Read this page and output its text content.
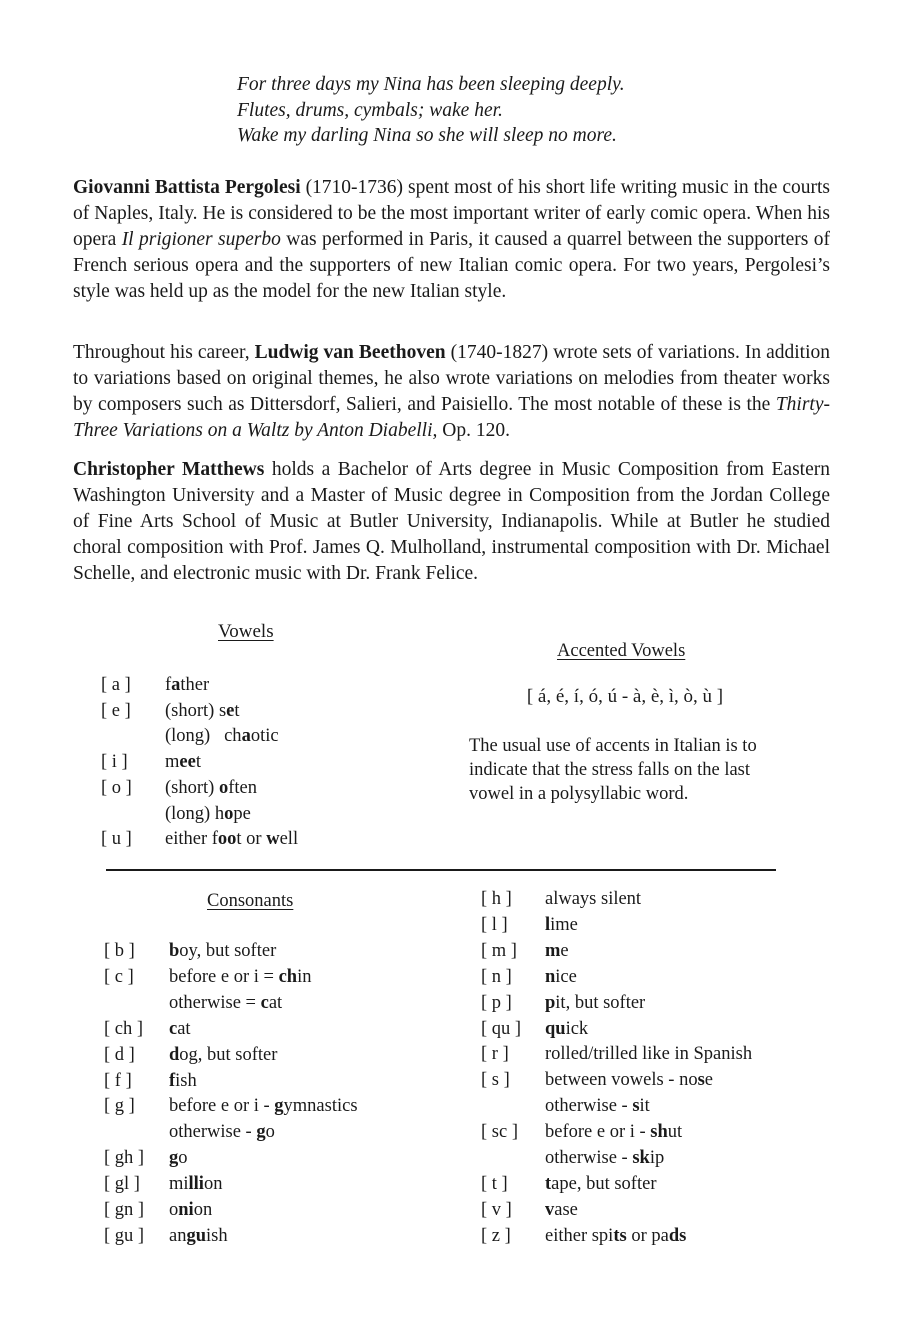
For three days my Nina has been sleeping deeply.
Flutes, drums, cymbals; wake her.
Wake my darling Nina so she will sleep no more.

Giovanni Battista Pergolesi (1710-1736) spent most of his short life writing music in the courts of Naples, Italy. He is considered to be the most important writer of early comic opera. When his opera Il prigioner superbo was performed in Paris, it caused a quarrel between the supporters of French serious opera and the supporters of new Italian comic opera. For two years, Pergolesi’s style was held up as the model for the new Italian style.

Throughout his career, Ludwig van Beethoven (1740-1827) wrote sets of variations. In addition to variations based on original themes, he also wrote variations on melodies from theater works by composers such as Dittersdorf, Salieri, and Paisiello. The most notable of these is the Thirty-Three Variations on a Waltz by Anton Diabelli, Op. 120.

Christopher Matthews holds a Bachelor of Arts degree in Music Composition from Eastern Washington University and a Master of Music degree in Composition from the Jordan College of Fine Arts School of Music at Butler University, Indianapolis. While at Butler he studied choral composition with Prof. James Q. Mulholland, instrumental composition with Dr. Michael Schelle, and electronic music with Dr. Frank Felice.

Vowels
[ a ] father
[ e ] (short) set
(long)   chaotic
[ i ] meet
[ o ] (short) often
(long) hope
[ u ] either foot or well
Accented Vowels
[ á, é, í, ó, ú - à, è, ì, ò, ù ]
The usual use of accents in Italian is to indicate that the stress falls on the last vowel in a polysyllabic word.
Consonants
[ b ] boy, but softer
[ c ] before e or i = chin
otherwise = cat
[ ch ] cat
[ d ] dog, but softer
[ f ] fish
[ g ] before e or i - gymnastics
otherwise - go
[ gh ] go
[ gl ] million
[ gn ] onion
[ gu ] anguish
[ h ] always silent
[ l ] lime
[ m ] me
[ n ] nice
[ p ] pit, but softer
[ qu ] quick
[ r ] rolled/trilled like in Spanish
[ s ] between vowels - nose
otherwise - sit
[ sc ] before e or i - shut
otherwise - skip
[ t ] tape, but softer
[ v ] vase
[ z ] either spits or pads
